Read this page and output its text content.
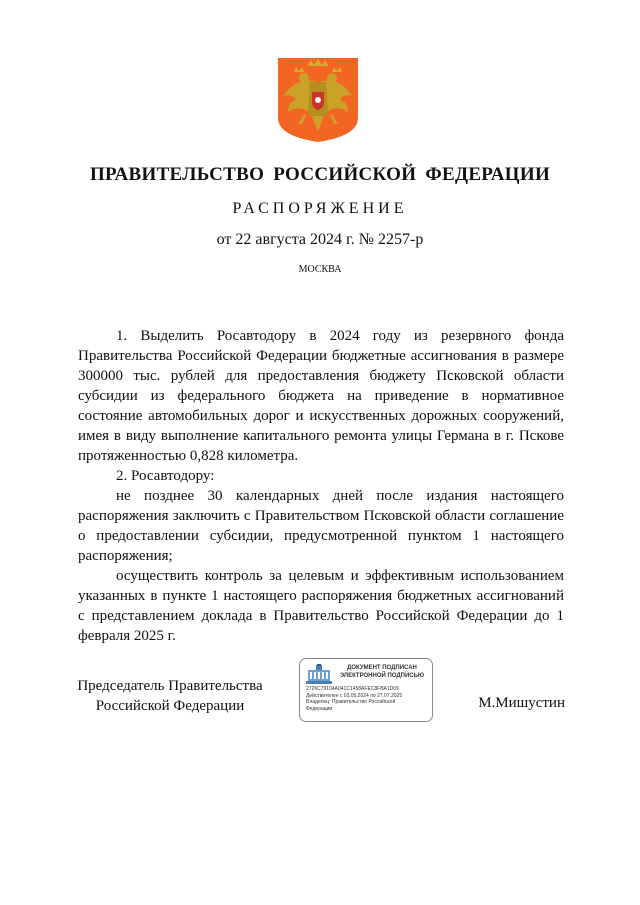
ПРАВИТЕЛЬСТВО РОССИЙСКОЙ ФЕДЕРАЦИИ
РАСПОРЯЖЕНИЕ
от 22 августа 2024 г. № 2257-р
МОСКВА

1. Выделить Росавтодору в 2024 году из резервного фонда Правительства Российской Федерации бюджетные ассигнования в размере 300000 тыс. рублей для предоставления бюджету Псковской области субсидии из федерального бюджета на приведение в нормативное состояние автомобильных дорог и искусственных дорожных сооружений, имея в виду выполнение капитального ремонта улицы Германа в г. Пскове протяженностью 0,828 километра.

2. Росавтодору:

не позднее 30 календарных дней после издания настоящего распоряжения заключить с Правительством Псковской области соглашение о предоставлении субсидии, предусмотренной пунктом 1 настоящего распоряжения;

осуществить контроль за целевым и эффективным использованием указанных в пункте 1 настоящего распоряжения бюджетных ассигнований с представлением доклада в Правительство Российской Федерации до 1 февраля 2025 г.

Председатель Правительства
Российской Федерации
ДОКУМЕНТ ПОДПИСАН
ЭЛЕКТРОННОЙ ПОДПИСЬЮ
2726C79104A041C1458AFEC8FBA1D09
Действителен с 03.05.2024 по 27.07.2025
Владелец: Правительство Российской
Федерации	М.Мишустин
